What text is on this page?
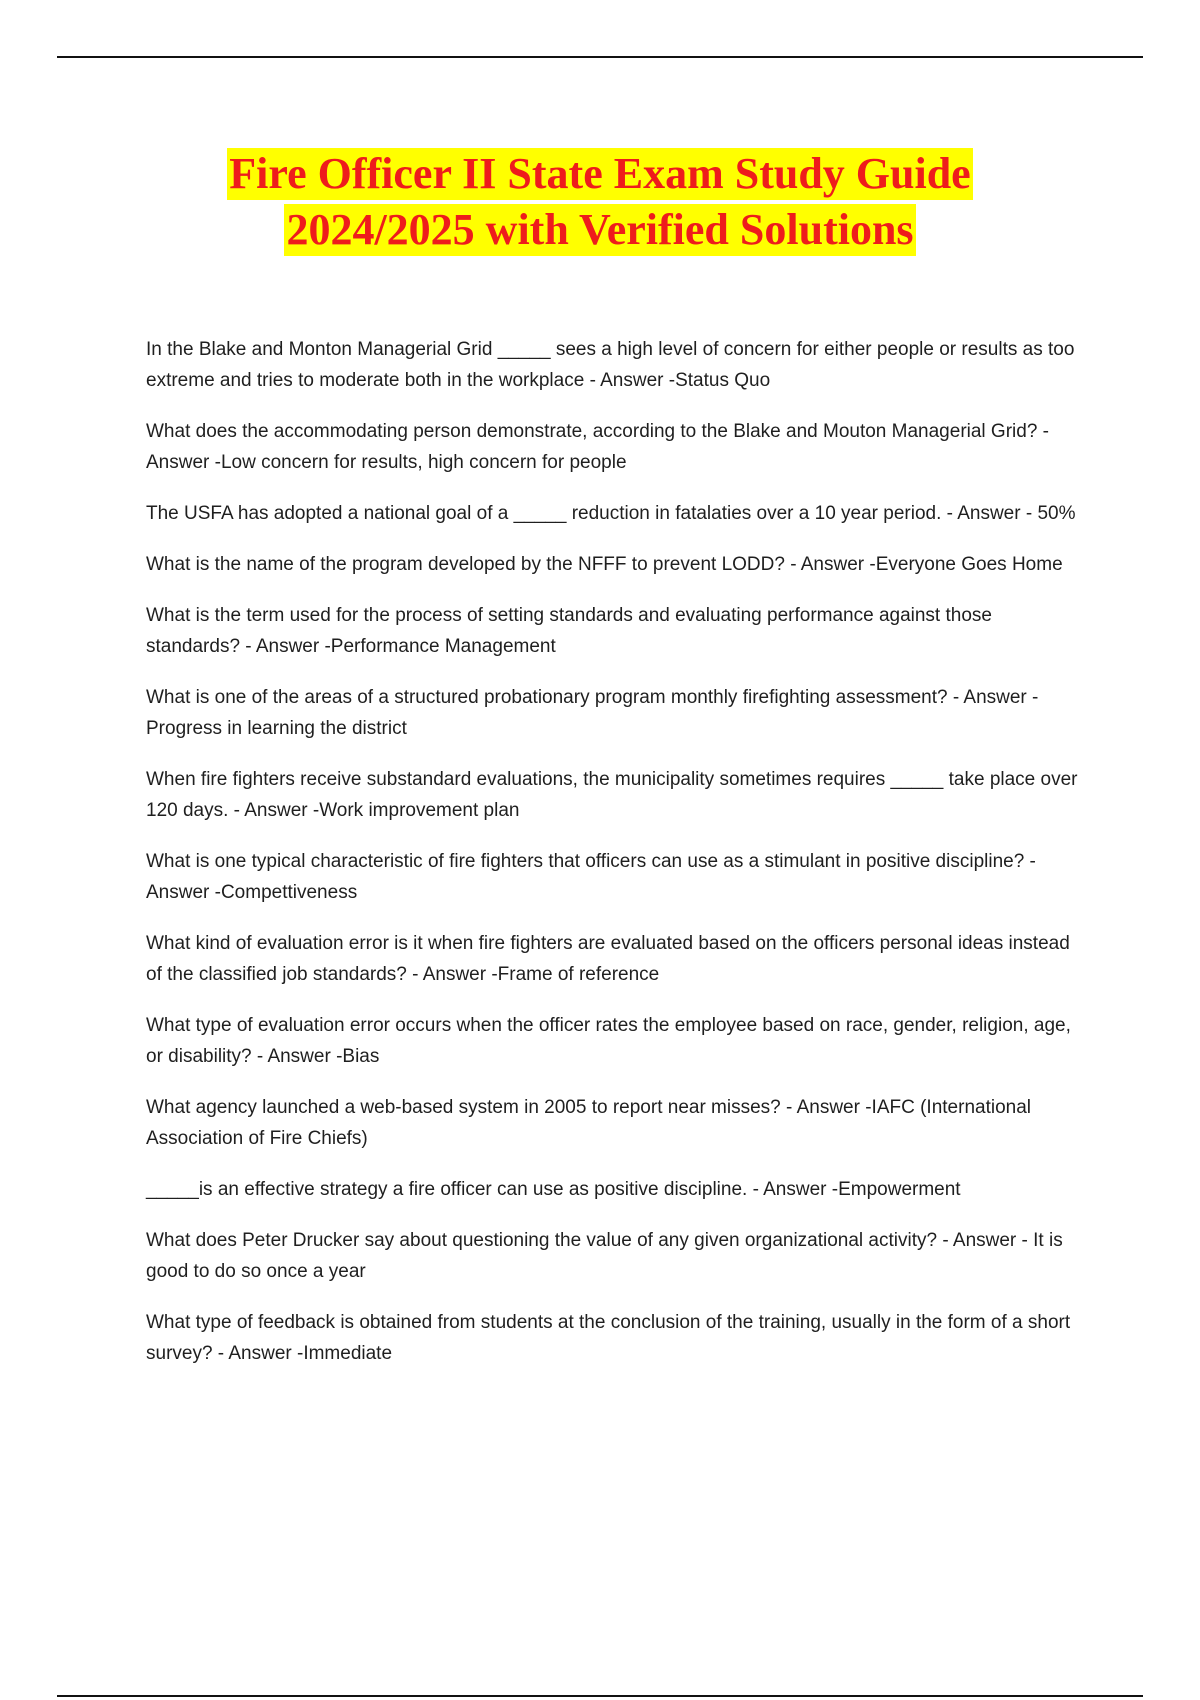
Fire Officer II State Exam Study Guide
2024/2025 with Verified Solutions

In the Blake and Monton Managerial Grid _____ sees a high level of concern for either people or results as too extreme and tries to moderate both in the workplace - Answer -Status Quo

What does the accommodating person demonstrate, according to the Blake and Mouton Managerial Grid? - Answer -Low concern for results, high concern for people

The USFA has adopted a national goal of a _____ reduction in fatalaties over a 10 year period. - Answer - 50%

What is the name of the program developed by the NFFF to prevent LODD? - Answer -Everyone Goes Home

What is the term used for the process of setting standards and evaluating performance against those standards? - Answer -Performance Management

What is one of the areas of a structured probationary program monthly firefighting assessment? - Answer -Progress in learning the district

When fire fighters receive substandard evaluations, the municipality sometimes requires _____ take place over 120 days. - Answer -Work improvement plan

What is one typical characteristic of fire fighters that officers can use as a stimulant in positive discipline? - Answer -Compettiveness

What kind of evaluation error is it when fire fighters are evaluated based on the officers personal ideas instead of the classified job standards? - Answer -Frame of reference

What type of evaluation error occurs when the officer rates the employee based on race, gender, religion, age, or disability? - Answer -Bias

What agency launched a web-based system in 2005 to report near misses? - Answer -IAFC (International Association of Fire Chiefs)

_____is an effective strategy a fire officer can use as positive discipline. - Answer -Empowerment

What does Peter Drucker say about questioning the value of any given organizational activity? - Answer - It is good to do so once a year

What type of feedback is obtained from students at the conclusion of the training, usually in the form of a short survey? - Answer -Immediate
